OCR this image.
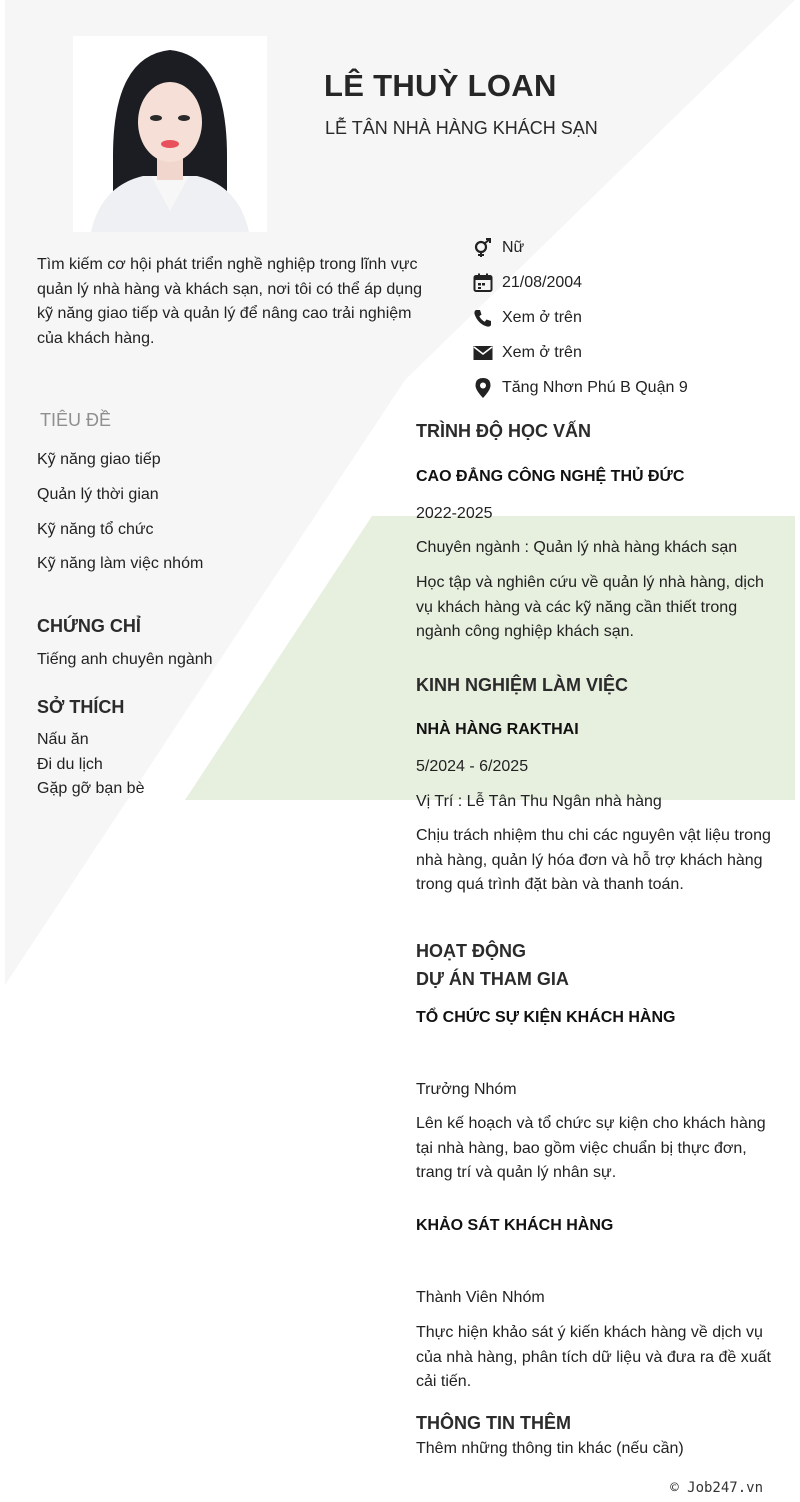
LÊ THUỲ LOAN
LỄ TÂN NHÀ HÀNG KHÁCH SẠN
Tìm kiếm cơ hội phát triển nghề nghiệp trong lĩnh vực quản lý nhà hàng và khách sạn, nơi tôi có thể áp dụng kỹ năng giao tiếp và quản lý để nâng cao trải nghiệm của khách hàng.
Nữ
21/08/2004
Xem ở trên
Xem ở trên
Tăng Nhơn Phú B Quận 9
TIÊU ĐỀ
Kỹ năng giao tiếp
Quản lý thời gian
Kỹ năng tổ chức
Kỹ năng làm việc nhóm
CHỨNG CHỈ
Tiếng anh chuyên ngành
SỞ THÍCH
Nấu ăn
Đi du lịch
Gặp gỡ bạn bè
TRÌNH ĐỘ HỌC VẤN
CAO ĐẲNG CÔNG NGHỆ THỦ ĐỨC
2022-2025
Chuyên ngành : Quản lý nhà hàng khách sạn
Học tập và nghiên cứu về quản lý nhà hàng, dịch vụ khách hàng và các kỹ năng cần thiết trong ngành công nghiệp khách sạn.
KINH NGHIỆM LÀM VIỆC
NHÀ HÀNG RAKTHAI
5/2024 - 6/2025
Vị Trí : Lễ Tân Thu Ngân nhà hàng
Chịu trách nhiệm thu chi các nguyên vật liệu trong nhà hàng, quản lý hóa đơn và hỗ trợ khách hàng trong quá trình đặt bàn và thanh toán.
HOẠT ĐỘNG
DỰ ÁN THAM GIA
TỔ CHỨC SỰ KIỆN KHÁCH HÀNG
Trưởng Nhóm
Lên kế hoạch và tổ chức sự kiện cho khách hàng tại nhà hàng, bao gồm việc chuẩn bị thực đơn, trang trí và quản lý nhân sự.
KHẢO SÁT KHÁCH HÀNG
Thành Viên Nhóm
Thực hiện khảo sát ý kiến khách hàng về dịch vụ của nhà hàng, phân tích dữ liệu và đưa ra đề xuất cải tiến.
THÔNG TIN THÊM
Thêm những thông tin khác (nếu cần)
© Job247.vn
